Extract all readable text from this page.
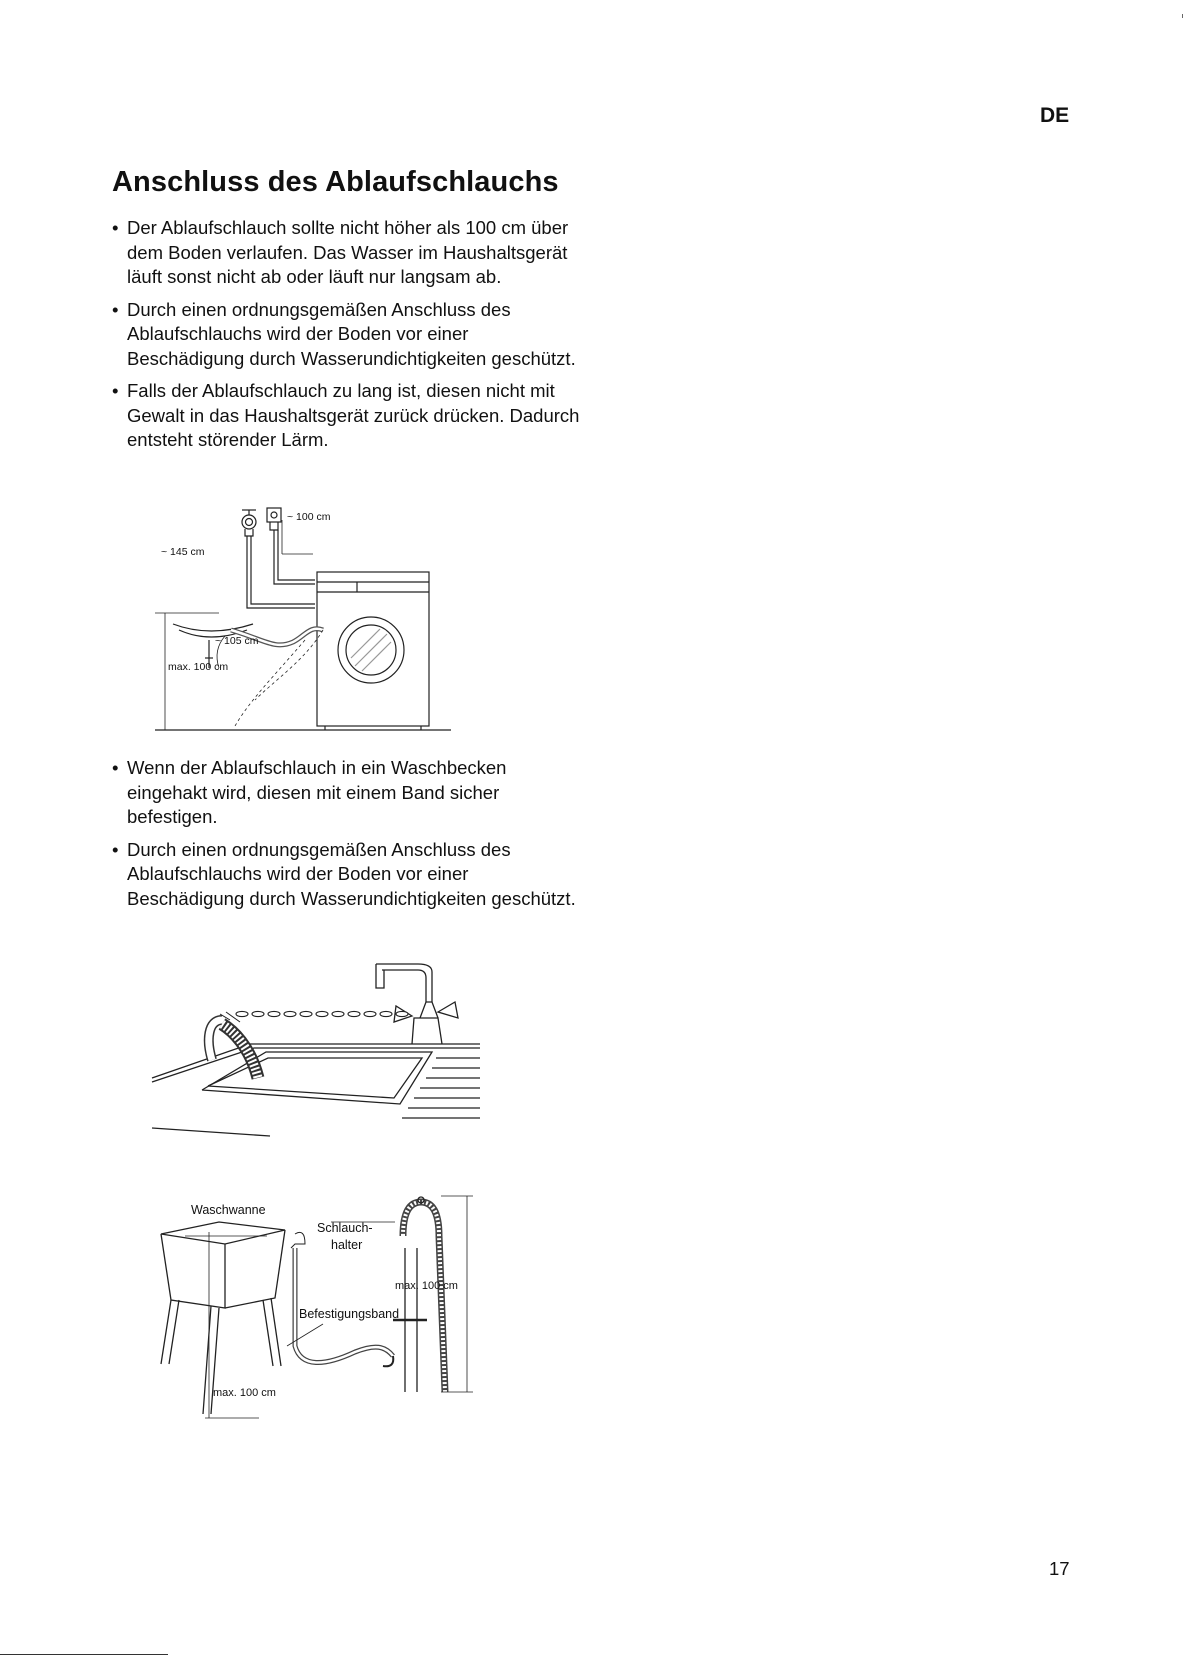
DE
Anschluss des Ablaufschlauchs
• Der Ablaufschlauch sollte nicht höher als 100 cm über dem Boden verlaufen. Das Wasser im Haushaltsgerät läuft sonst nicht ab oder läuft nur langsam ab.
• Durch einen ordnungsgemäßen Anschluss des Ablaufschlauchs wird der Boden vor einer Beschädigung durch Wasserundichtigkeiten geschützt.
• Falls der Ablaufschlauch zu lang ist, diesen nicht mit Gewalt in das Haushaltsgerät zurück drücken. Dadurch entsteht störender Lärm.
~ 100 cm
~ 145 cm
~ 105 cm
max. 100 cm
• Wenn der Ablaufschlauch in ein Waschbecken eingehakt wird, diesen mit einem Band sicher befestigen.
• Durch einen ordnungsgemäßen Anschluss des Ablaufschlauchs wird der Boden vor einer Beschädigung durch Wasserundichtigkeiten geschützt.
Waschwanne
Schlauch-
halter
max. 100 cm
Befestigungsband
max. 100 cm
17
